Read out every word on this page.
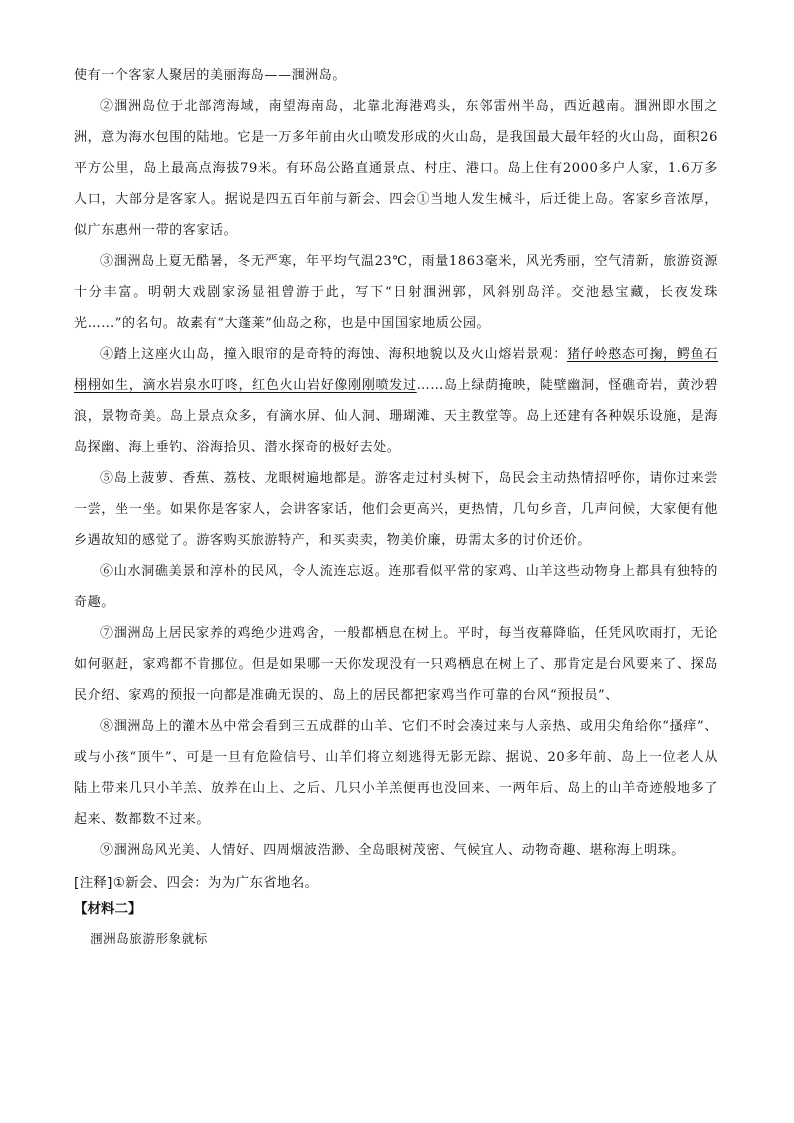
使有一个客家人聚居的美丽海岛——涠洲岛。

②涠洲岛位于北部湾海域，南望海南岛，北靠北海港鸡头，东邻雷州半岛，西近越南。涠洲即水围之洲，意为海水包围的陆地。它是一万多年前由火山喷发形成的火山岛，是我国最大最年轻的火山岛，面积26平方公里，岛上最高点海拔79米。有环岛公路直通景点、村庄、港口。岛上住有2000多户人家，1.6万多人口，大部分是客家人。据说是四五百年前与新会、四会①当地人发生械斗，后迁徙上岛。客家乡音浓厚，似广东惠州一带的客家话。

③涠洲岛上夏无酷暑，冬无严寒，年平均气温23℃，雨量1863毫米，风光秀丽，空气清新，旅游资源十分丰富。明朝大戏剧家汤显祖曾游于此，写下“日射涠洲郭，风斜别岛洋。交池悬宝藏，长夜发珠光……”的名句。故素有“大蓬莱”仙岛之称，也是中国国家地质公园。

④踏上这座火山岛，撞入眼帘的是奇特的海蚀、海积地貌以及火山熔岩景观：猪仔岭憨态可掬，鳄鱼石栩栩如生，滴水岩泉水叮咚，红色火山岩好像刚刚喷发过……岛上绿荫掩映，陡壁幽洞，怪礁奇岩，黄沙碧浪，景物奇美。岛上景点众多，有滴水屏、仙人洞、珊瑚滩、天主教堂等。岛上还建有各种娱乐设施，是海岛探幽、海上垂钓、浴海拾贝、潜水探奇的极好去处。

⑤岛上菠萝、香蕉、荔枝、龙眼树遍地都是。游客走过村头树下，岛民会主动热情招呼你，请你过来尝一尝，坐一坐。如果你是客家人，会讲客家话，他们会更高兴，更热情，几句乡音，几声问候，大家便有他乡遇故知的感觉了。游客购买旅游特产，和买卖卖，物美价廉，毋需太多的讨价还价。

⑥山水洞礁美景和淳朴的民风，令人流连忘返。连那看似平常的家鸡、山羊这些动物身上都具有独特的奇趣。

⑦涠洲岛上居民家养的鸡绝少进鸡舍，一般都栖息在树上。平时，每当夜幕降临，任凭风吹雨打，无论如何驱赶，家鸡都不肯挪位。但是如果哪一天你发现没有一只鸡栖息在树上了、那肯定是台风要来了、探岛民介绍、家鸡的预报一向都是准确无误的、岛上的居民都把家鸡当作可靠的台风“预报员”、

⑧涠洲岛上的灌木丛中常会看到三五成群的山羊、它们不时会凑过来与人亲热、或用尖角给你“搔痒”、或与小孩“顶牛”、可是一旦有危险信号、山羊们将立刻逃得无影无踪、据说、20多年前、岛上一位老人从陆上带来几只小羊羔、放养在山上、之后、几只小羊羔便再也没回来、一两年后、岛上的山羊奇迹般地多了起来、数都数不过来。

⑨涠洲岛风光美、人情好、四周烟波浩渺、全岛眼树茂密、气候宜人、动物奇趣、堪称海上明珠。

[注释]①新会、四会：为为广东省地名。

【材料二】

涠洲岛旅游形象就标
